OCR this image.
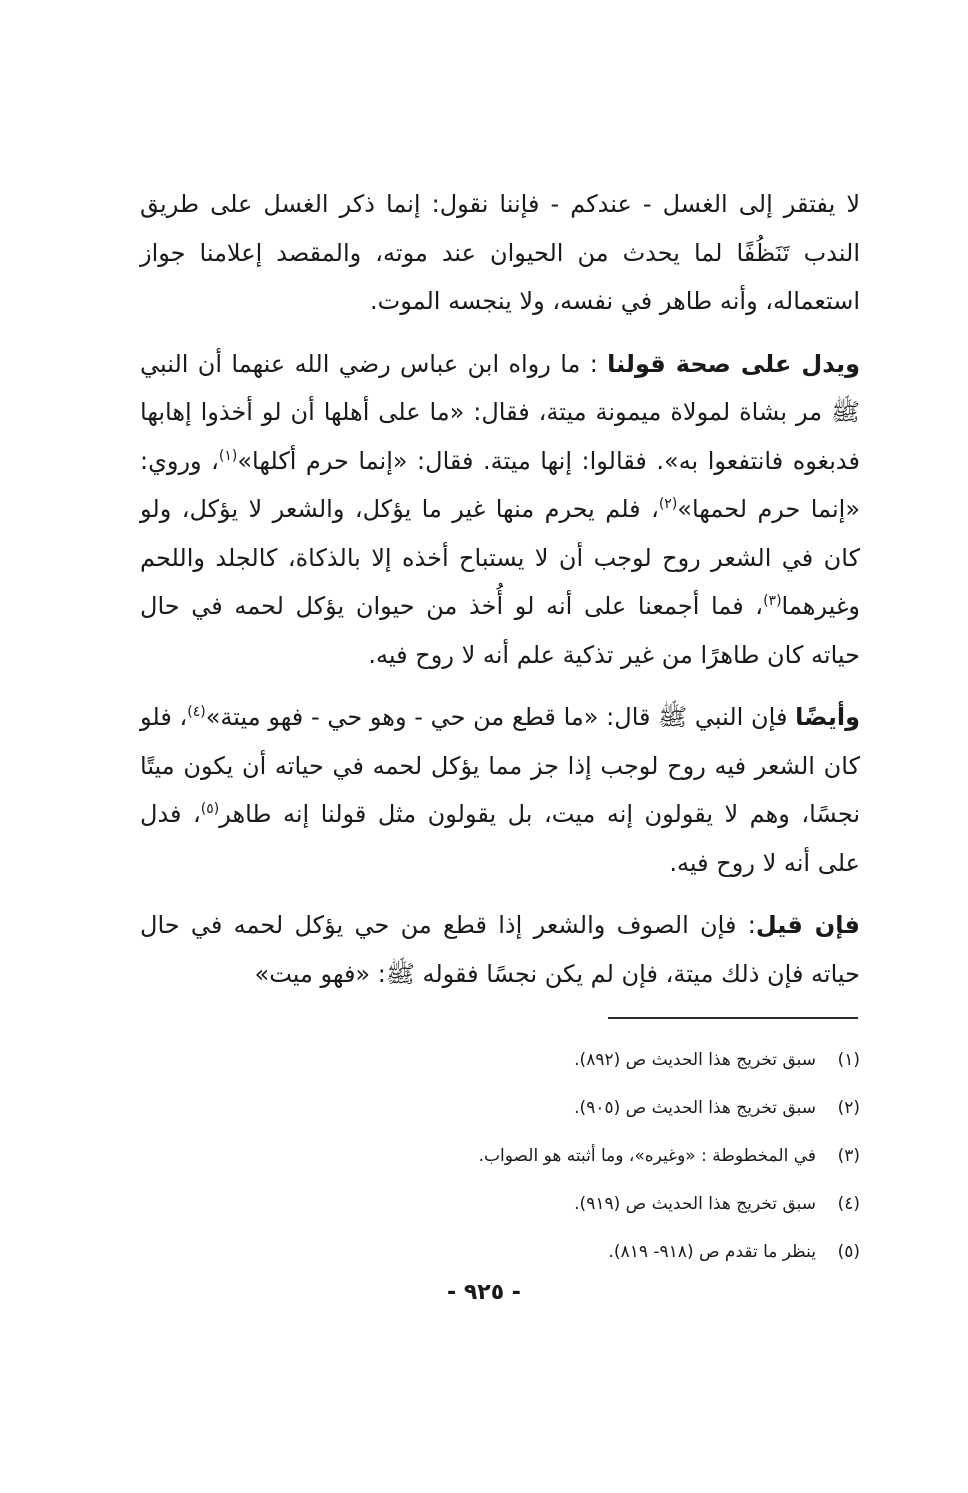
لا يفتقر إلى الغسل - عندكم - فإننا نقول: إنما ذكر الغسل على طريق الندب تَنَظُفًا لما يحدث من الحيوان عند موته، والمقصد إعلامنا جواز استعماله، وأنه طاهر في نفسه، ولا ينجسه الموت.

ويدل على صحة قولنا : ما رواه ابن عباس رضي الله عنهما أن النبي ﷺ مر بشاة لمولاة ميمونة ميتة، فقال: «ما على أهلها أن لو أخذوا إهابها فدبغوه فانتفعوا به». فقالوا: إنها ميتة. فقال: «إنما حرم أكلها»$^{(١)}$، وروي: «إنما حرم لحمها»$^{(٢)}$، فلم يحرم منها غير ما يؤكل، والشعر لا يؤكل، ولو كان في الشعر روح لوجب أن لا يستباح أخذه إلا بالذكاة، كالجلد واللحم وغيرهما$^{(٣)}$، فما أجمعنا على أنه لو أُخذ من حيوان يؤكل لحمه في حال حياته كان طاهرًا من غير تذكية علم أنه لا روح فيه.

وأيضًا فإن النبي ﷺ قال: «ما قطع من حي - وهو حي - فهو ميتة»$^{(٤)}$، فلو كان الشعر فيه روح لوجب إذا جز مما يؤكل لحمه في حياته أن يكون ميتًا نجسًا، وهم لا يقولون إنه ميت، بل يقولون مثل قولنا إنه طاهر$^{(٥)}$، فدل على أنه لا روح فيه.

فإن قيل: فإن الصوف والشعر إذا قطع من حي يؤكل لحمه في حال حياته فإن ذلك ميتة، فإن لم يكن نجسًا فقوله ﷺ: «فهو ميت»

(١)
سبق تخريج هذا الحديث ص (٨٩٢).
(٢)
سبق تخريج هذا الحديث ص (٩٠٥).
(٣)
في المخطوطة : «وغيره»، وما أثبته هو الصواب.
(٤)
سبق تخريج هذا الحديث ص (٩١٩).
(٥)
ينظر ما تقدم ص (٩١٨- ٨١٩).
- ٩٢٥ -
